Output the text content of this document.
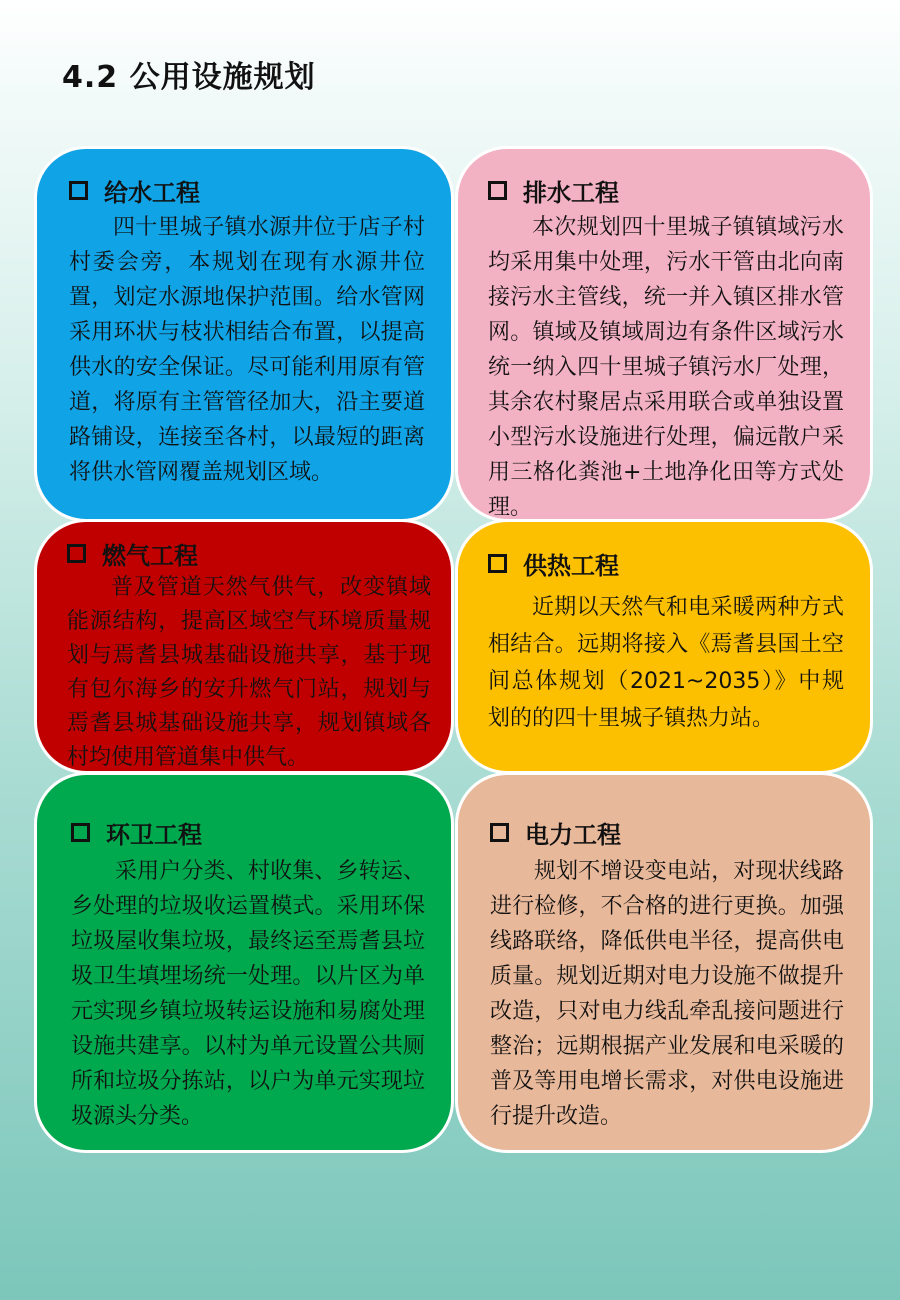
4.2 公用设施规划
给水工程

四十里城子镇水源井位于店子村村委会旁，本规划在现有水源井位置，划定水源地保护范围。给水管网采用环状与枝状相结合布置，以提高供水的安全保证。尽可能利用原有管道，将原有主管管径加大，沿主要道路铺设，连接至各村，以最短的距离将供水管网覆盖规划区域。

排水工程

本次规划四十里城子镇镇域污水均采用集中处理，污水干管由北向南接污水主管线，统一并入镇区排水管网。镇域及镇域周边有条件区域污水统一纳入四十里城子镇污水厂处理，其余农村聚居点采用联合或单独设置小型污水设施进行处理，偏远散户采用三格化粪池+土地净化田等方式处理。

燃气工程

普及管道天然气供气，改变镇域能源结构，提高区域空气环境质量规划与焉耆县城基础设施共享，基于现有包尔海乡的安升燃气门站，规划与焉耆县城基础设施共享，规划镇域各村均使用管道集中供气。

供热工程

近期以天然气和电采暖两种方式相结合。远期将接入《焉耆县国土空间总体规划（2021~2035）》中规划的的四十里城子镇热力站。

环卫工程

采用户分类、村收集、乡转运、乡处理的垃圾收运置模式。采用环保垃圾屋收集垃圾，最终运至焉耆县垃圾卫生填埋场统一处理。以片区为单元实现乡镇垃圾转运设施和易腐处理设施共建享。以村为单元设置公共厕所和垃圾分拣站，以户为单元实现垃圾源头分类。

电力工程

规划不增设变电站，对现状线路进行检修，不合格的进行更换。加强线路联络，降低供电半径，提高供电质量。规划近期对电力设施不做提升改造，只对电力线乱牵乱接问题进行整治；远期根据产业发展和电采暖的普及等用电增长需求，对供电设施进行提升改造。
